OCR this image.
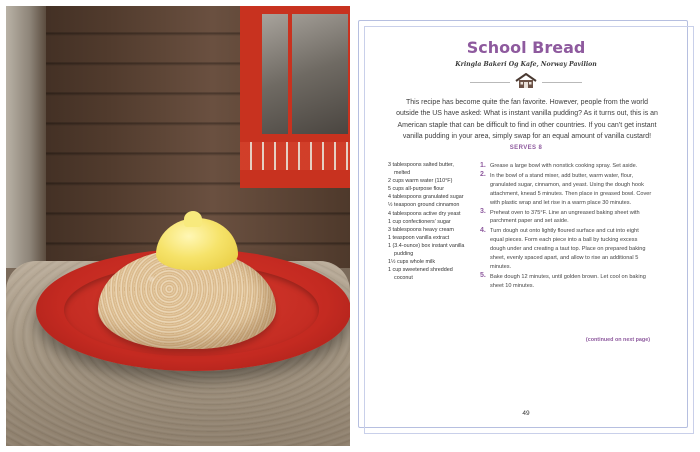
School Bread
Kringla Bakeri Og Kafe, Norway Pavilion

This recipe has become quite the fan favorite. However, people from the world outside the US have asked: What is instant vanilla pudding? As it turns out, this is an American staple that can be difficult to find in other countries. If you can’t get instant vanilla pudding in your area, simply swap for an equal amount of vanilla custard!

SERVES 8
3 tablespoons salted butter, melted
2 cups warm water (110°F)
5 cups all-purpose flour
4 tablespoons granulated sugar
½ teaspoon ground cinnamon
4 tablespoons active dry yeast
1 cup confectioners’ sugar
3 tablespoons heavy cream
1 teaspoon vanilla extract
1 (3.4-ounce) box instant vanilla pudding
1½ cups whole milk
1 cup sweetened shredded coconut
1. Grease a large bowl with nonstick cooking spray. Set aside.
2. In the bowl of a stand mixer, add butter, warm water, flour, granulated sugar, cinnamon, and yeast. Using the dough hook attachment, knead 5 minutes. Then place in greased bowl. Cover with plastic wrap and let rise in a warm place 30 minutes.
3. Preheat oven to 375°F. Line an ungreased baking sheet with parchment paper and set aside.
4. Turn dough out onto lightly floured surface and cut into eight equal pieces. Form each piece into a ball by tucking excess dough under and creating a taut top. Place on prepared baking sheet, evenly spaced apart, and allow to rise an additional 5 minutes.
5. Bake dough 12 minutes, until golden brown. Let cool on baking sheet 10 minutes.
(continued on next page)
49
